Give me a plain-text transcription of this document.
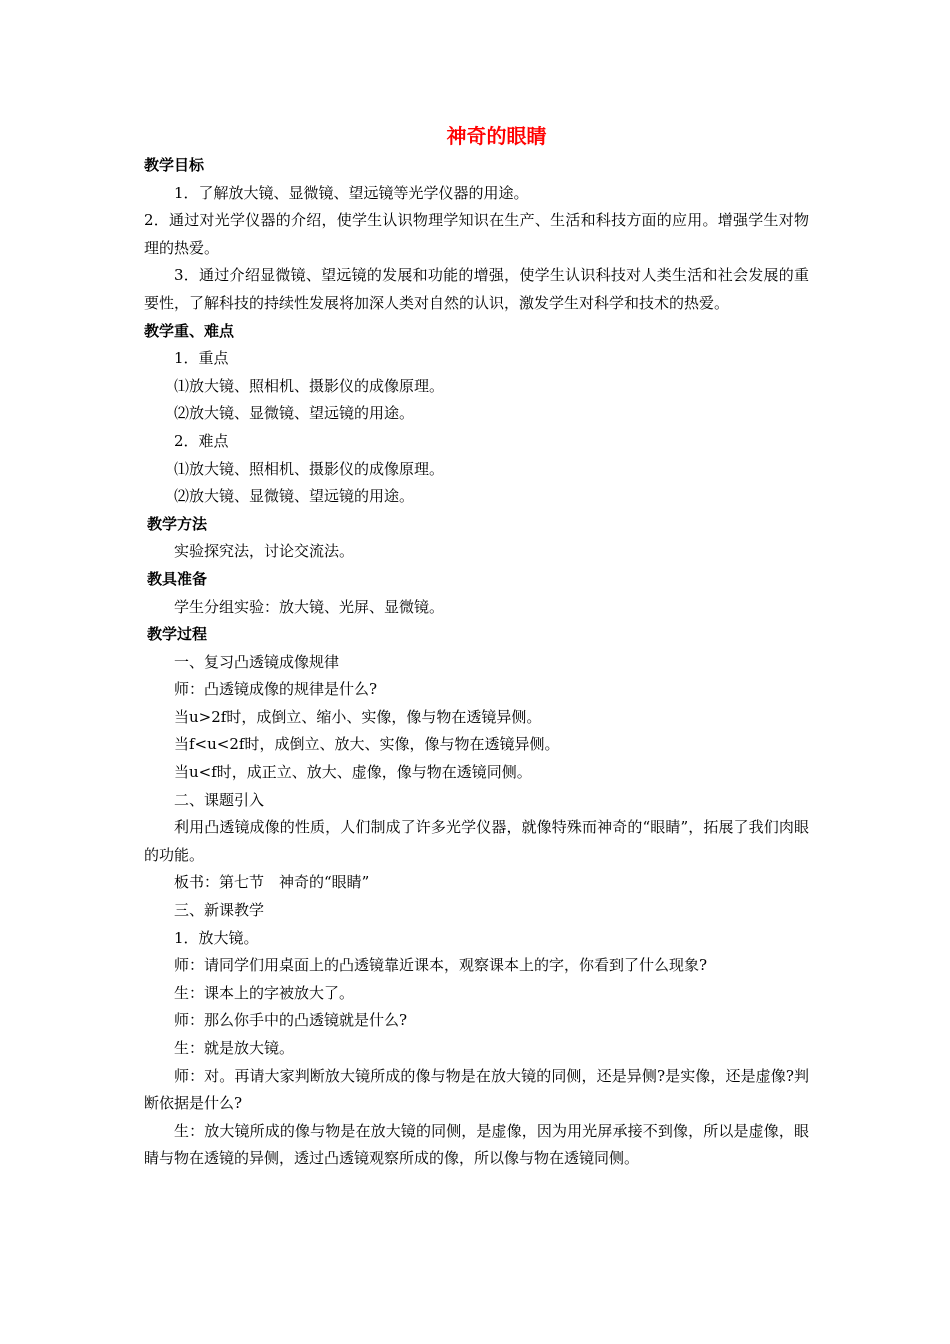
神奇的眼睛

教学目标

1．了解放大镜、显微镜、望远镜等光学仪器的用途。

2．通过对光学仪器的介绍，使学生认识物理学知识在生产、生活和科技方面的应用。增强学生对物理的热爱。

3．通过介绍显微镜、望远镜的发展和功能的增强，使学生认识科技对人类生活和社会发展的重要性，了解科技的持续性发展将加深人类对自然的认识，激发学生对科学和技术的热爱。

教学重、难点

1．重点

⑴放大镜、照相机、摄影仪的成像原理。

⑵放大镜、显微镜、望远镜的用途。

2．难点

⑴放大镜、照相机、摄影仪的成像原理。

⑵放大镜、显微镜、望远镜的用途。

教学方法

实验探究法，讨论交流法。

教具准备

学生分组实验：放大镜、光屏、显微镜。

教学过程

一、复习凸透镜成像规律

师：凸透镜成像的规律是什么?

当u>2f时，成倒立、缩小、实像，像与物在透镜异侧。

当f<u<2f时，成倒立、放大、实像，像与物在透镜异侧。

当u<f时，成正立、放大、虚像，像与物在透镜同侧。

二、课题引入

利用凸透镜成像的性质，人们制成了许多光学仪器，就像特殊而神奇的“眼睛”，拓展了我们肉眼的功能。

板书：第七节　神奇的“眼睛”

三、新课教学

1．放大镜。

师：请同学们用桌面上的凸透镜靠近课本，观察课本上的字，你看到了什么现象?

生：课本上的字被放大了。

师：那么你手中的凸透镜就是什么?

生：就是放大镜。

师：对。再请大家判断放大镜所成的像与物是在放大镜的同侧，还是异侧?是实像，还是虚像?判断依据是什么?

生：放大镜所成的像与物是在放大镜的同侧，是虚像，因为用光屏承接不到像，所以是虚像，眼睛与物在透镜的异侧，透过凸透镜观察所成的像，所以像与物在透镜同侧。
